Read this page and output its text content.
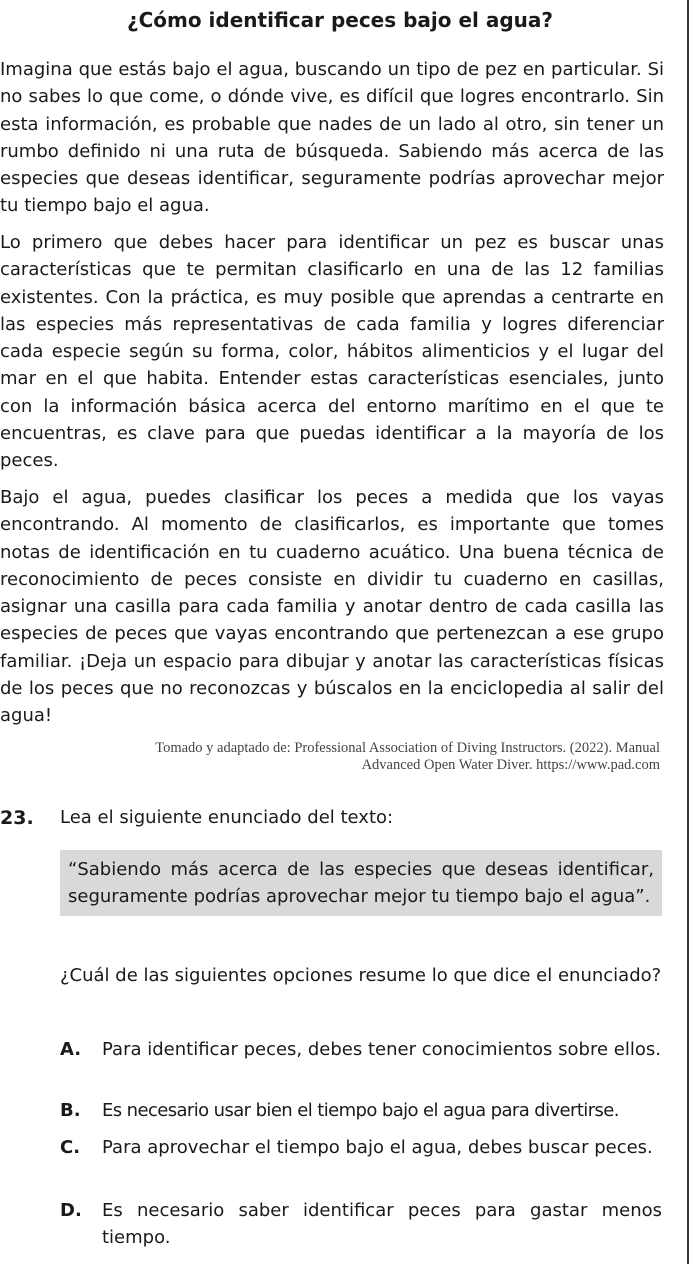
¿Cómo identificar peces bajo el agua?

Imagina que estás bajo el agua, buscando un tipo de pez en particular. Si no sabes lo que come, o dónde vive, es difícil que logres encontrarlo. Sin esta información, es probable que nades de un lado al otro, sin tener un rumbo definido ni una ruta de búsqueda. Sabiendo más acerca de las especies que deseas identificar, seguramente podrías aprovechar mejor tu tiempo bajo el agua.

Lo primero que debes hacer para identificar un pez es buscar unas características que te permitan clasificarlo en una de las 12 familias existentes. Con la práctica, es muy posible que aprendas a centrarte en las especies más representativas de cada familia y logres diferenciar cada especie según su forma, color, hábitos alimenticios y el lugar del mar en el que habita. Entender estas características esenciales, junto con la información básica acerca del entorno marítimo en el que te encuentras, es clave para que puedas identificar a la mayoría de los peces.

Bajo el agua, puedes clasificar los peces a medida que los vayas encontrando. Al momento de clasificarlos, es importante que tomes notas de identificación en tu cuaderno acuático. Una buena técnica de reconocimiento de peces consiste en dividir tu cuaderno en casillas, asignar una casilla para cada familia y anotar dentro de cada casilla las especies de peces que vayas encontrando que pertenezcan a ese grupo familiar. ¡Deja un espacio para dibujar y anotar las características físicas de los peces que no reconozcas y búscalos en la enciclopedia al salir del agua!

Tomado y adaptado de: Professional Association of Diving Instructors. (2022). Manual
Advanced Open Water Diver. https://www.pad.com
23. Lea el siguiente enunciado del texto:
“Sabiendo más acerca de las especies que deseas identificar, seguramente podrías aprovechar mejor tu tiempo bajo el agua”.
¿Cuál de las siguientes opciones resume lo que dice el enunciado?
A. Para identificar peces, debes tener conocimientos sobre ellos.
B. Es necesario usar bien el tiempo bajo el agua para divertirse.
C. Para aprovechar el tiempo bajo el agua, debes buscar peces.
D. Es necesario saber identificar peces para gastar menos tiempo.
